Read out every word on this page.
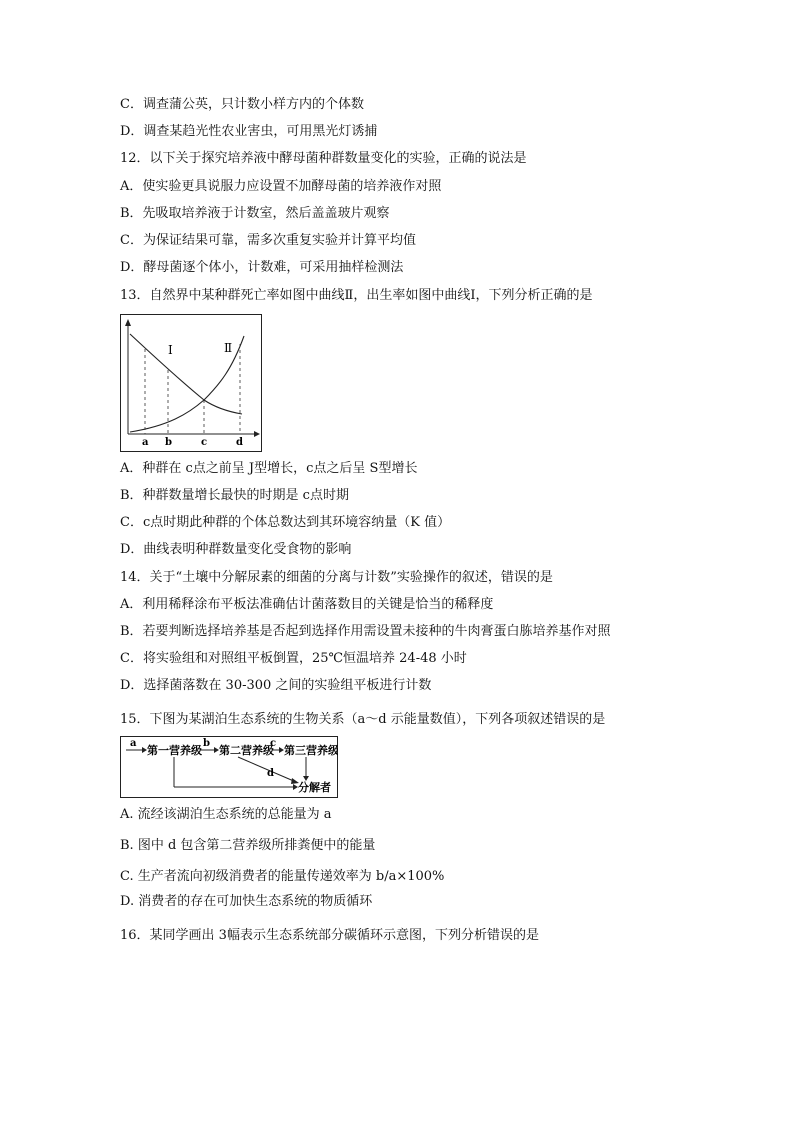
C．调查蒲公英，只计数小样方内的个体数
D．调查某趋光性农业害虫，可用黑光灯诱捕
12．以下关于探究培养液中酵母菌种群数量变化的实验，正确的说法是
A．使实验更具说服力应设置不加酵母菌的培养液作对照
B．先吸取培养液于计数室，然后盖盖玻片观察
C．为保证结果可靠，需多次重复实验并计算平均值
D．酵母菌逐个体小，计数难，可采用抽样检测法
13．自然界中某种群死亡率如图中曲线Ⅱ，出生率如图中曲线Ⅰ，下列分析正确的是
I	Ⅱ
a b	c	d
A．种群在 c点之前呈 J型增长，c点之后呈 S型增长
B．种群数量增长最快的时期是 c点时期
C．c点时期此种群的个体总数达到其环境容纳量（K 值）
D．曲线表明种群数量变化受食物的影响
14．关于“土壤中分解尿素的细菌的分离与计数”实验操作的叙述，错误的是
A．利用稀释涂布平板法准确估计菌落数目的关键是恰当的稀释度
B．若要判断选择培养基是否起到选择作用需设置未接种的牛肉膏蛋白胨培养基作对照
C．将实验组和对照组平板倒置，25℃恒温培养 24-48 小时
D．选择菌落数在 30-300 之间的实验组平板进行计数
15．下图为某湖泊生态系统的生物关系（a～d 示能量数值），下列各项叙述错误的是
a
第一营养级
b
第二营养级
c
第三营养级
d
分解者
A. 流经该湖泊生态系统的总能量为 a
B. 图中 d 包含第二营养级所排粪便中的能量
C. 生产者流向初级消费者的能量传递效率为 b/a×100%
D. 消费者的存在可加快生态系统的物质循环
16．某同学画出 3幅表示生态系统部分碳循环示意图，下列分析错误的是
